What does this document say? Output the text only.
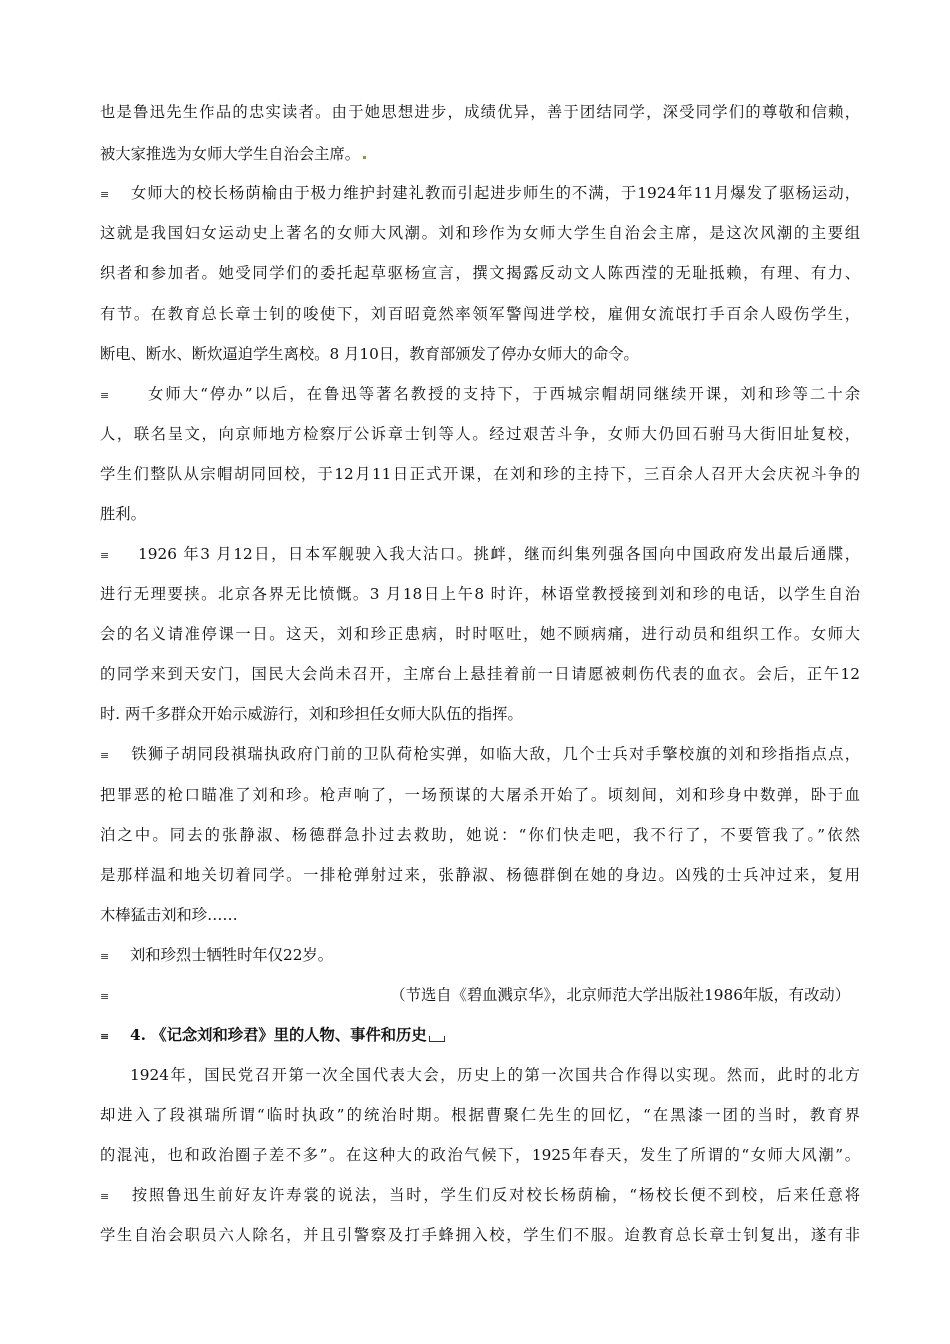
也是鲁迅先生作品的忠实读者。由于她思想进步，成绩优异，善于团结同学，深受同学们的尊敬和信赖，
被大家推选为女师大学生自治会主席。
≡ 女师大的校长杨荫榆由于极力维护封建礼教而引起进步师生的不满，于1924年11月爆发了驱杨运动，
这就是我国妇女运动史上著名的女师大风潮。刘和珍作为女师大学生自治会主席，是这次风潮的主要组
织者和参加者。她受同学们的委托起草驱杨宣言，撰文揭露反动文人陈西滢的无耻抵赖，有理、有力、
有节。在教育总长章士钊的唆使下，刘百昭竟然率领军警闯进学校，雇佣女流氓打手百余人殴伤学生，
断电、断水、断炊逼迫学生离校。8 月10日，教育部颁发了停办女师大的命令。
≡ 女师大“停办”以后，在鲁迅等著名教授的支持下，于西城宗帽胡同继续开课，刘和珍等二十余
人，联名呈文，向京师地方检察厅公诉章士钊等人。经过艰苦斗争，女师大仍回石驸马大街旧址复校，
学生们整队从宗帽胡同回校，于12月11日正式开课，在刘和珍的主持下，三百余人召开大会庆祝斗争的
胜利。
≡ 1926 年3 月12日，日本军舰驶入我大沽口。挑衅，继而纠集列强各国向中国政府发出最后通牒，
进行无理要挟。北京各界无比愤慨。3 月18日上午8 时许，林语堂教授接到刘和珍的电话，以学生自治
会的名义请准停课一日。这天，刘和珍正患病，时时呕吐，她不顾病痛，进行动员和组织工作。女师大
的同学来到天安门，国民大会尚未召开，主席台上悬挂着前一日请愿被刺伤代表的血衣。会后，正午12
时. 两千多群众开始示威游行，刘和珍担任女师大队伍的指挥。
≡ 铁狮子胡同段祺瑞执政府门前的卫队荷枪实弹，如临大敌，几个士兵对手擎校旗的刘和珍指指点点，
把罪恶的枪口瞄准了刘和珍。枪声响了，一场预谋的大屠杀开始了。顷刻间，刘和珍身中数弹，卧于血
泊之中。同去的张静淑、杨德群急扑过去救助，她说：“你们快走吧，我不行了，不要管我了。”依然
是那样温和地关切着同学。一排枪弹射过来，张静淑、杨德群倒在她的身边。凶残的士兵冲过来，复用
木棒猛击刘和珍……
≡ 刘和珍烈士牺牲时年仅22岁。
≡	（节选自《碧血溅京华》，北京师范大学出版社1986年版，有改动）
≡ 4. 《记念刘和珍君》里的人物、事件和历史
1924年，国民党召开第一次全国代表大会，历史上的第一次国共合作得以实现。然而，此时的北方
却进入了段祺瑞所谓“临时执政”的统治时期。根据曹聚仁先生的回忆，“在黑漆一团的当时，教育界
的混沌，也和政治圈子差不多”。在这种大的政治气候下，1925年春天，发生了所谓的“女师大风潮”。
≡ 按照鲁迅生前好友许寿裳的说法，当时，学生们反对校长杨荫榆，“杨校长便不到校，后来任意将
学生自治会职员六人除名，并且引警察及打手蜂拥入校，学生们不服。迨教育总长章士钊复出，遂有非
